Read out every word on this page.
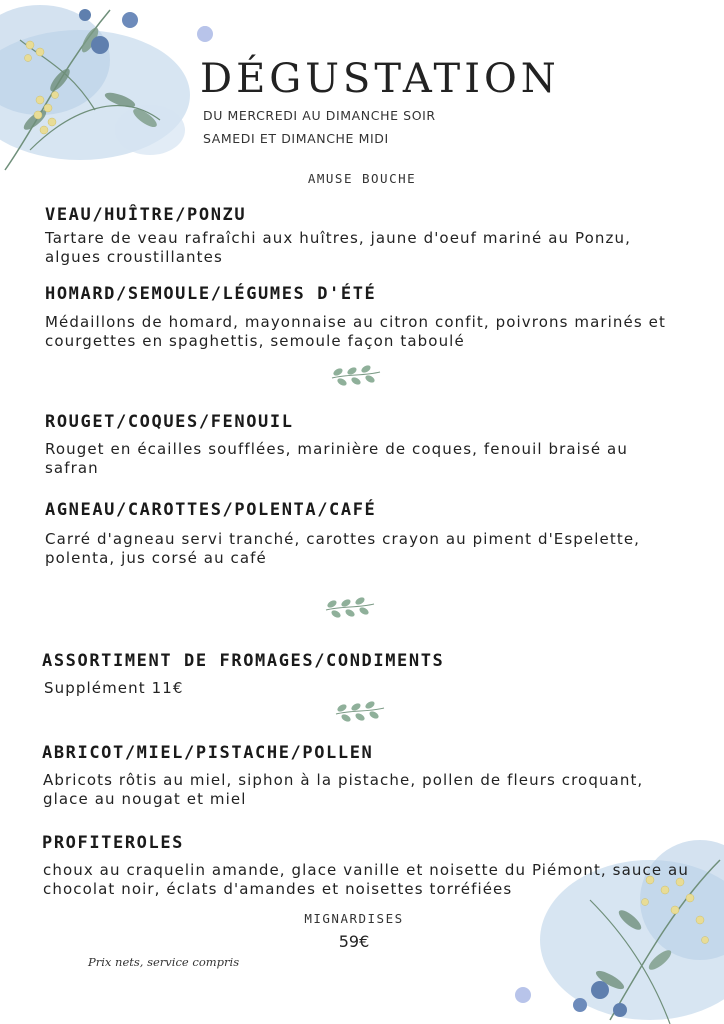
DÉGUSTATION
DU MERCREDI AU DIMANCHE SOIR
SAMEDI ET DIMANCHE MIDI
AMUSE BOUCHE
VEAU/HUÎTRE/PONZU
Tartare de veau rafraîchi aux huîtres, jaune d'oeuf mariné au Ponzu, algues croustillantes
HOMARD/SEMOULE/LÉGUMES D'ÉTÉ
Médaillons de homard, mayonnaise au citron confit, poivrons marinés et courgettes en spaghettis, semoule façon taboulé
ROUGET/COQUES/FENOUIL
Rouget en écailles soufflées, marinière de coques, fenouil braisé au safran
AGNEAU/CAROTTES/POLENTA/CAFÉ
Carré d'agneau servi tranché, carottes crayon au piment d'Espelette, polenta, jus corsé au café
ASSORTIMENT DE FROMAGES/CONDIMENTS
Supplément 11€
ABRICOT/MIEL/PISTACHE/POLLEN
Abricots rôtis au miel, siphon à la pistache, pollen de fleurs croquant, glace au nougat et miel
PROFITEROLES
choux au craquelin amande, glace vanille et noisette du Piémont, sauce au chocolat noir, éclats d'amandes et noisettes torréfiées
MIGNARDISES
59€
Prix nets, service compris
